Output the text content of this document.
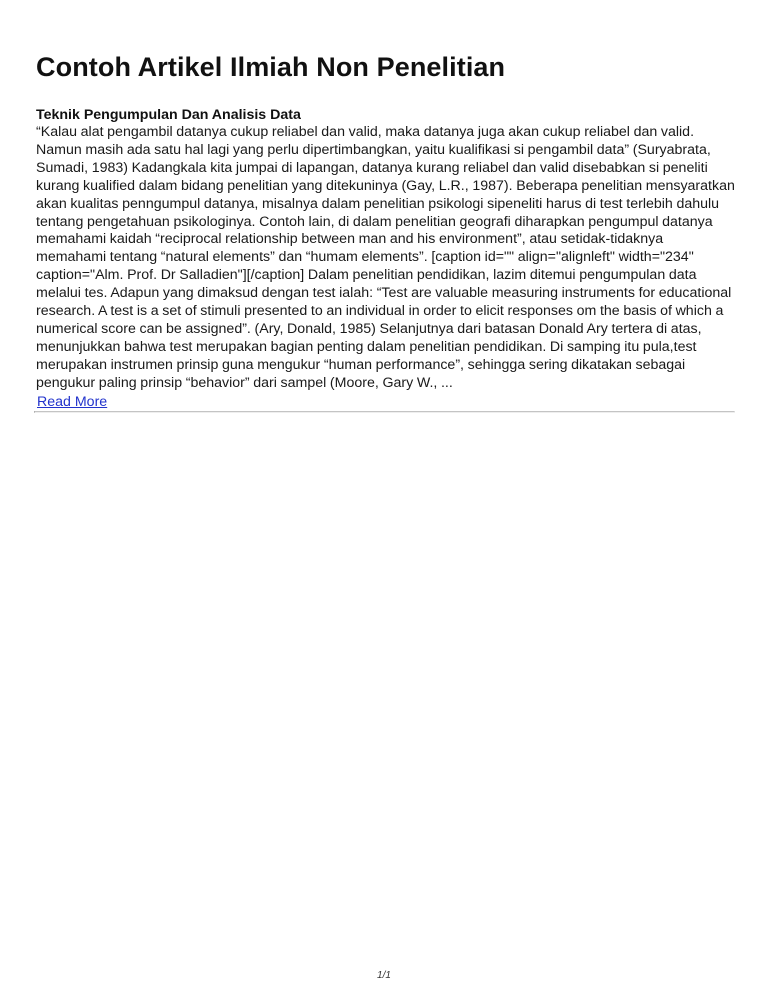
Contoh Artikel Ilmiah Non Penelitian
Teknik Pengumpulan Dan Analisis Data

“Kalau alat pengambil datanya cukup reliabel dan valid, maka datanya juga akan cukup reliabel dan valid. Namun masih ada satu hal lagi yang perlu dipertimbangkan, yaitu kualifikasi si pengambil data” (Suryabrata, Sumadi, 1983) Kadangkala kita jumpai di lapangan, datanya kurang reliabel dan valid disebabkan si peneliti kurang kualified dalam bidang penelitian yang ditekuninya (Gay, L.R., 1987). Beberapa penelitian mensyaratkan akan kualitas penngumpul datanya, misalnya dalam penelitian psikologi sipeneliti harus di test terlebih dahulu tentang pengetahuan psikologinya. Contoh lain, di dalam penelitian geografi diharapkan pengumpul datanya memahami kaidah “reciprocal relationship between man and his environment”, atau setidak-tidaknya memahami tentang “natural elements” dan “humam elements”. [caption id="" align="alignleft" width="234" caption="Alm. Prof. Dr Salladien"][/caption] Dalam penelitian pendidikan, lazim ditemui pengumpulan data melalui tes. Adapun yang dimaksud dengan test ialah: “Test are valuable measuring instruments for educational research. A test is a set of stimuli presented to an individual in order to elicit responses om the basis of which a numerical score can be assigned”. (Ary, Donald, 1985) Selanjutnya dari batasan Donald Ary tertera di atas, menunjukkan bahwa test merupakan bagian penting dalam penelitian pendidikan. Di samping itu pula,test merupakan instrumen prinsip guna mengukur “human performance”, sehingga sering dikatakan sebagai pengukur paling prinsip “behavior” dari sampel (Moore, Gary W., ...

Read More
1/1
